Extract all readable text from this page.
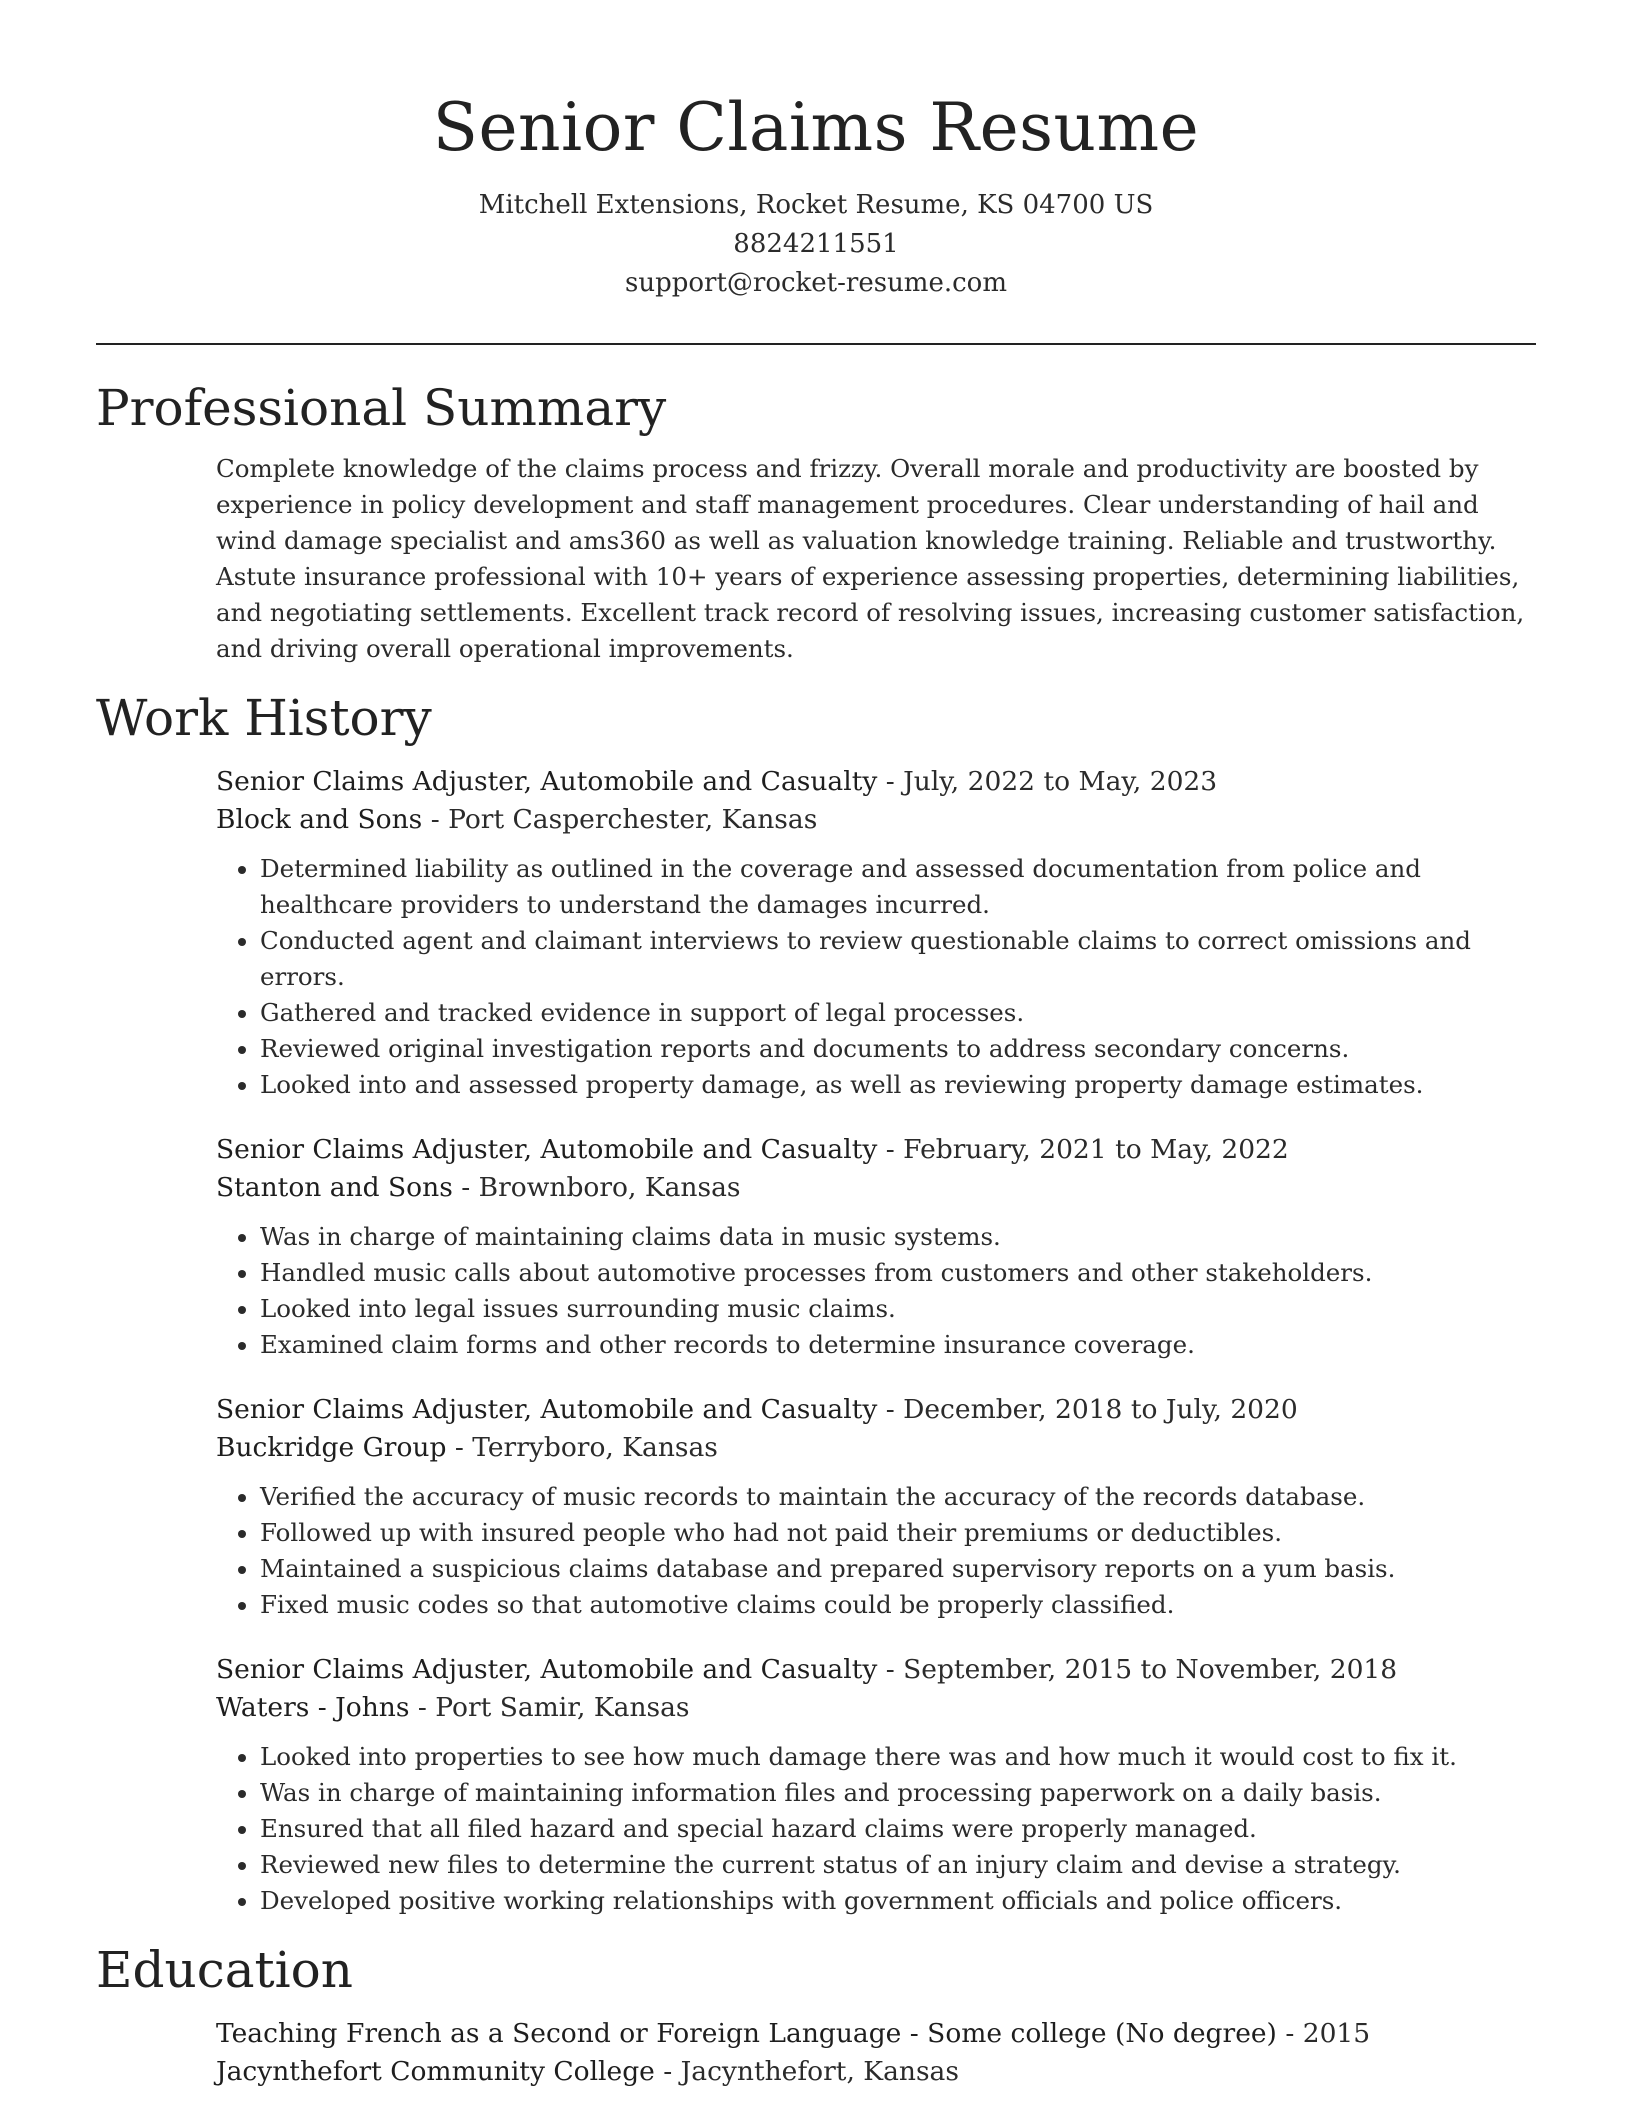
Senior Claims Resume
Mitchell Extensions, Rocket Resume, KS 04700 US
8824211551
support@rocket-resume.com
Professional Summary

Complete knowledge of the claims process and frizzy. Overall morale and productivity are boosted by experience in policy development and staff management procedures. Clear understanding of hail and wind damage specialist and ams360 as well as valuation knowledge training. Reliable and trustworthy. Astute insurance professional with 10+ years of experience assessing properties, determining liabilities, and negotiating settlements. Excellent track record of resolving issues, increasing customer satisfaction, and driving overall operational improvements.

Work History
Senior Claims Adjuster, Automobile and Casualty - July, 2022 to May, 2023
Block and Sons - Port Casperchester, Kansas
• Determined liability as outlined in the coverage and assessed documentation from police and healthcare providers to understand the damages incurred.
• Conducted agent and claimant interviews to review questionable claims to correct omissions and errors.
• Gathered and tracked evidence in support of legal processes.
• Reviewed original investigation reports and documents to address secondary concerns.
• Looked into and assessed property damage, as well as reviewing property damage estimates.
Senior Claims Adjuster, Automobile and Casualty - February, 2021 to May, 2022
Stanton and Sons - Brownboro, Kansas
• Was in charge of maintaining claims data in music systems.
• Handled music calls about automotive processes from customers and other stakeholders.
• Looked into legal issues surrounding music claims.
• Examined claim forms and other records to determine insurance coverage.
Senior Claims Adjuster, Automobile and Casualty - December, 2018 to July, 2020
Buckridge Group - Terryboro, Kansas
• Verified the accuracy of music records to maintain the accuracy of the records database.
• Followed up with insured people who had not paid their premiums or deductibles.
• Maintained a suspicious claims database and prepared supervisory reports on a yum basis.
• Fixed music codes so that automotive claims could be properly classified.
Senior Claims Adjuster, Automobile and Casualty - September, 2015 to November, 2018
Waters - Johns - Port Samir, Kansas
• Looked into properties to see how much damage there was and how much it would cost to fix it.
• Was in charge of maintaining information files and processing paperwork on a daily basis.
• Ensured that all filed hazard and special hazard claims were properly managed.
• Reviewed new files to determine the current status of an injury claim and devise a strategy.
• Developed positive working relationships with government officials and police officers.
Education
Teaching French as a Second or Foreign Language - Some college (No degree) - 2015
Jacynthefort Community College - Jacynthefort, Kansas
